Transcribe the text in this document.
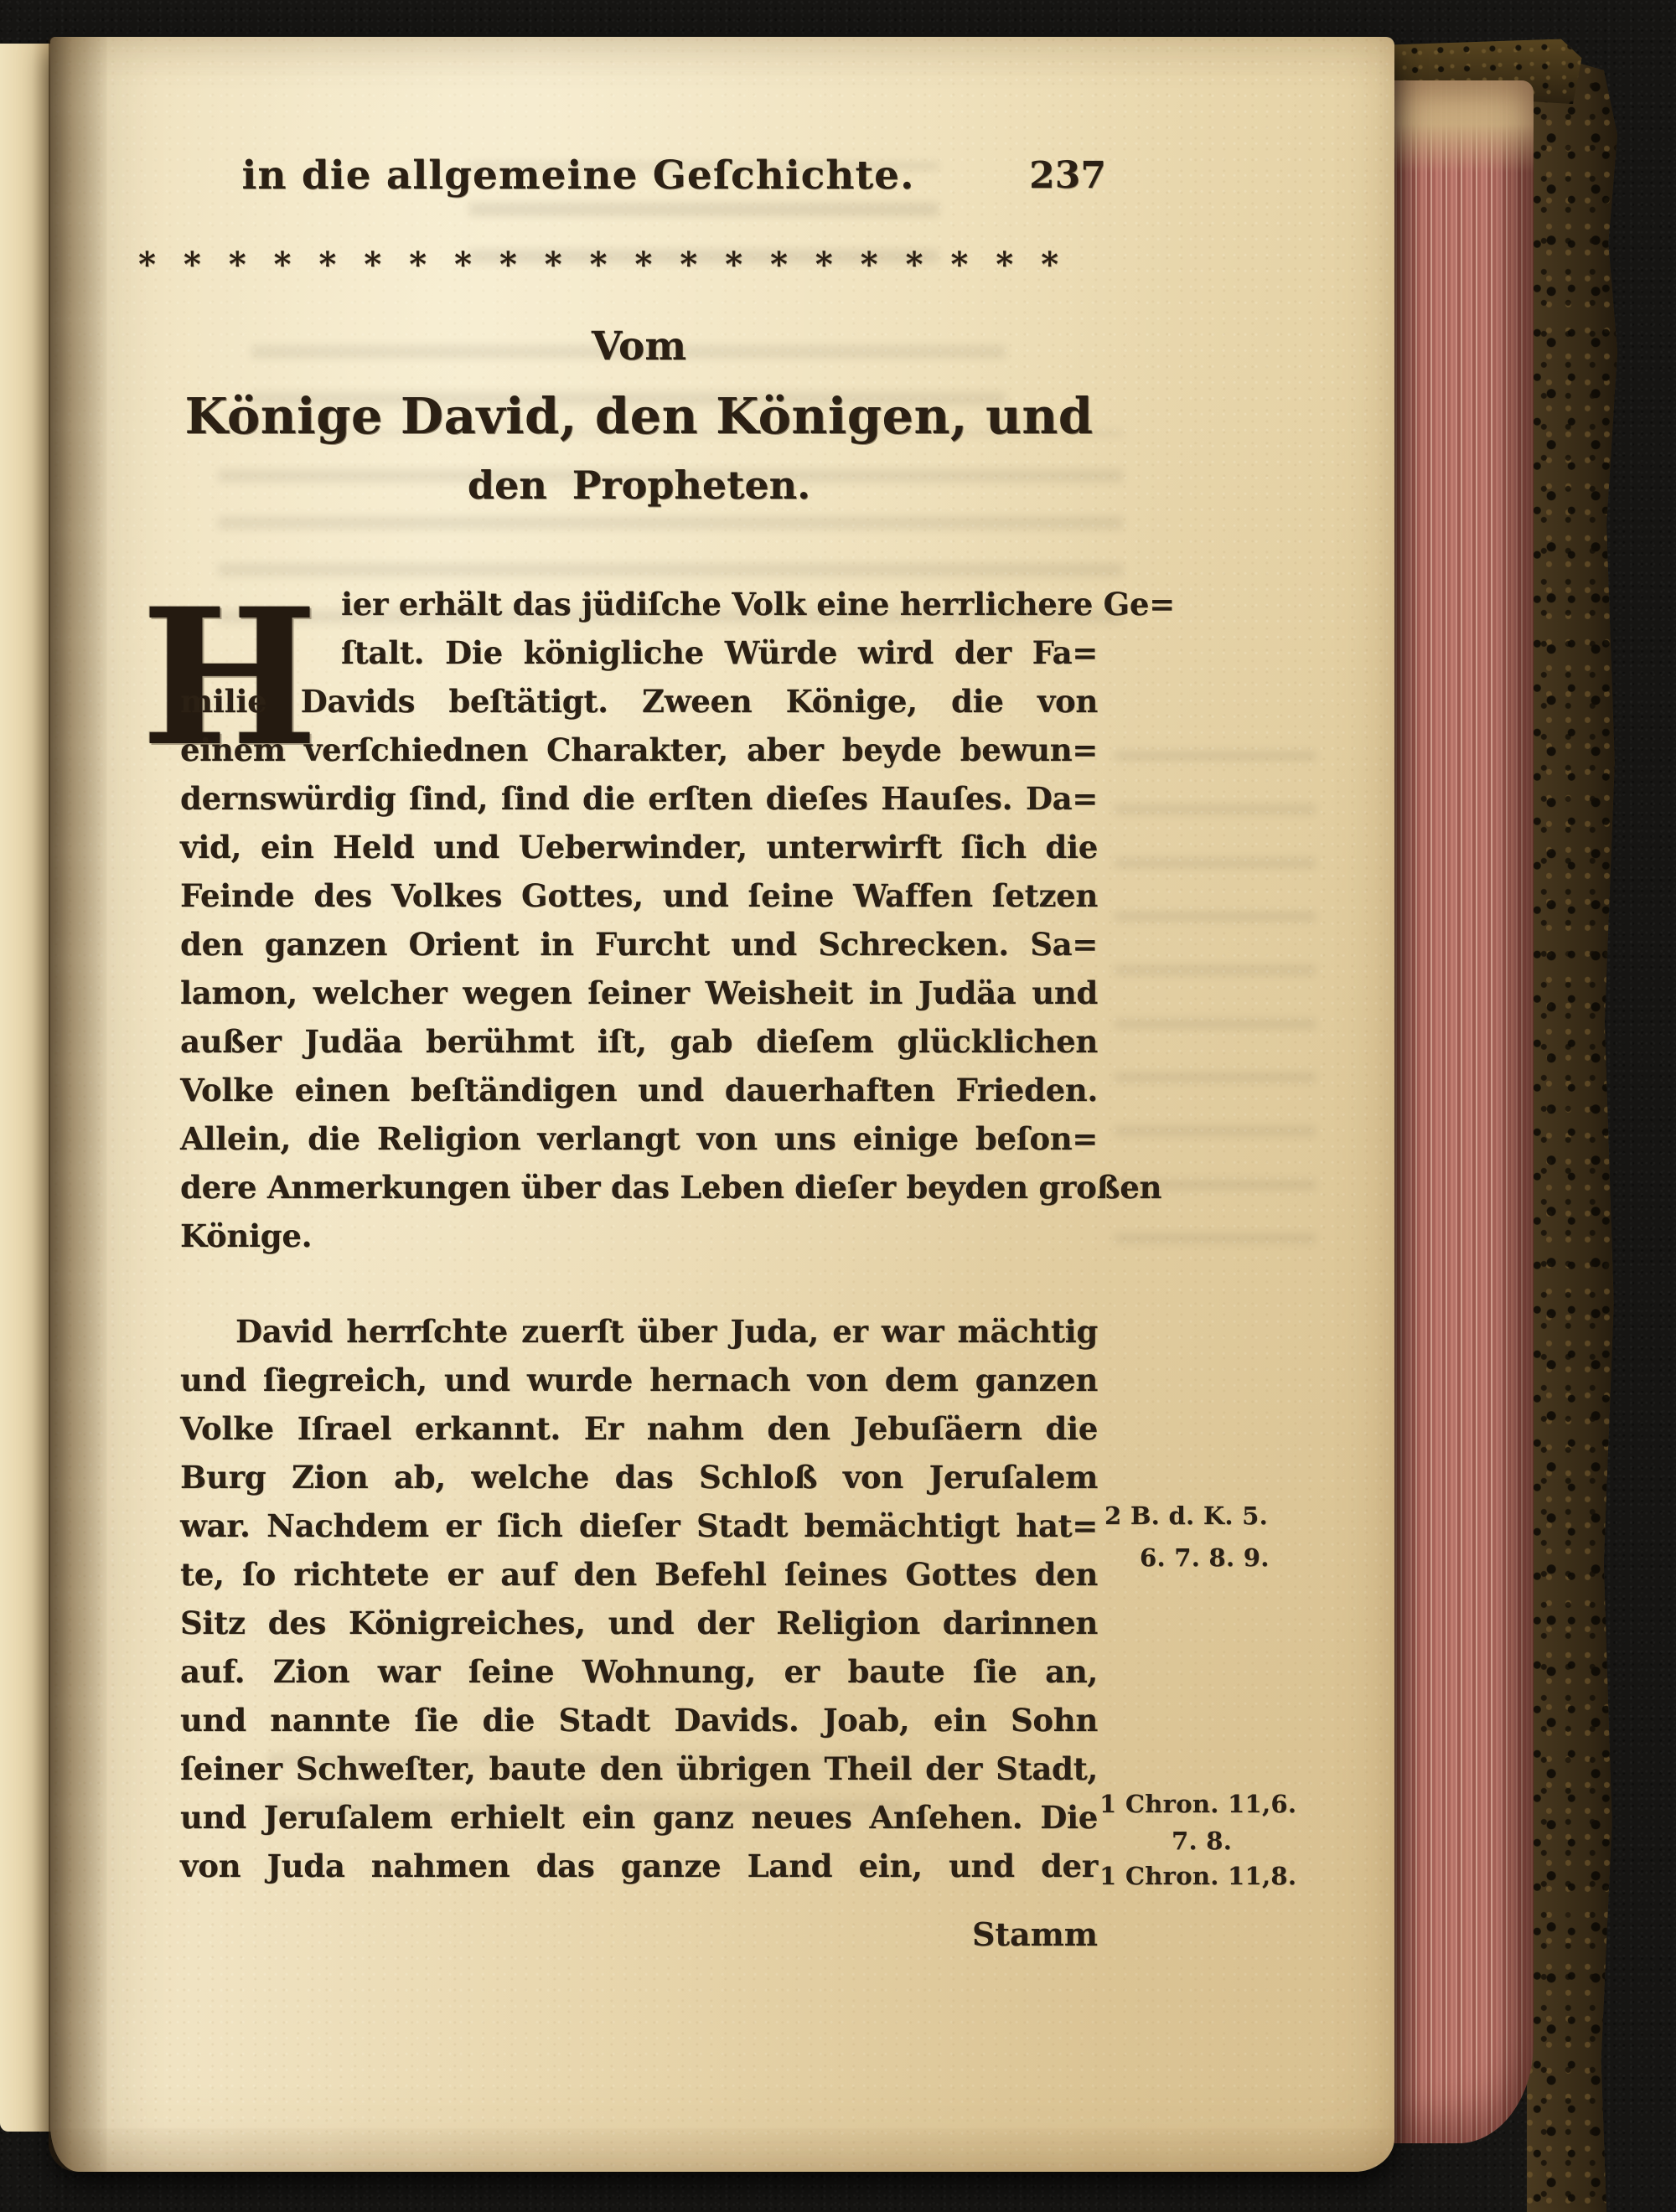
in die allgemeine Geſchichte.	237
* * * * * * * * * * * * * * * * * * * * *
Vom
Könige David, den Königen, und
den Propheten.
H ier erhält das jüdiſche Volk eine herrlichere Ge=
ſtalt. Die königliche Würde wird der Fa=
milie Davids beſtätigt. Zween Könige, die von
einem verſchiednen Charakter, aber beyde bewun=
dernswürdig ſind, ſind die erſten dieſes Hauſes. Da=
vid, ein Held und Ueberwinder, unterwirft ſich die
Feinde des Volkes Gottes, und ſeine Waffen ſetzen
den ganzen Orient in Furcht und Schrecken. Sa=
lamon, welcher wegen ſeiner Weisheit in Judäa und
außer Judäa berühmt iſt, gab dieſem glücklichen
Volke einen beſtändigen und dauerhaften Frieden.
Allein, die Religion verlangt von uns einige beſon=
dere Anmerkungen über das Leben dieſer beyden großen
Könige.
David herrſchte zuerſt über Juda, er war mächtig
und ſiegreich, und wurde hernach von dem ganzen
Volke Iſrael erkannt. Er nahm den Jebuſäern die
Burg Zion ab, welche das Schloß von Jeruſalem
war. Nachdem er ſich dieſer Stadt bemächtigt hat=
te, ſo richtete er auf den Befehl ſeines Gottes den
Sitz des Königreiches, und der Religion darinnen
auf. Zion war ſeine Wohnung, er baute ſie an,
und nannte ſie die Stadt Davids. Joab, ein Sohn
ſeiner Schweſter, baute den übrigen Theil der Stadt,
und Jeruſalem erhielt ein ganz neues Anſehen. Die
von Juda nahmen das ganze Land ein, und der
2 B. d. K. 5.
6. 7. 8. 9.
1 Chron. 11,6.
7. 8.
1 Chron. 11,8.
Stamm
